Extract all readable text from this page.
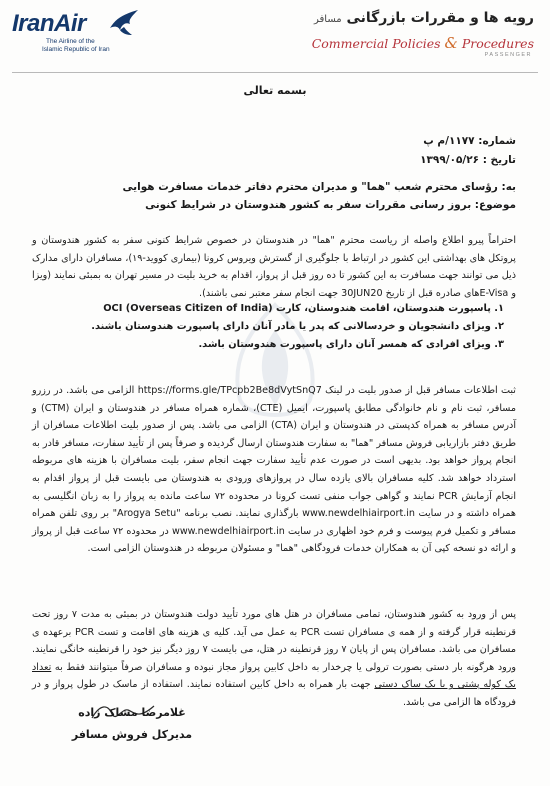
IranAir
The Airline of the
Islamic Republic of Iran
رویه ها و مقررات بازرگانی مسافر
Commercial Policies & Procedures
PASSENGER
بسمه تعالی
شماره: ۱۱۷۷/م پ
تاریخ : ۱۳۹۹/۰۵/۲۶
به: رؤسای محترم شعب "هما" و مدیران محترم دفاتر خدمات مسافرت هوایی
موضوع: بروز رسانی مقررات سفر به کشور هندوستان در شرایط کنونی
احتراماً پیرو اطلاع واصله از ریاست محترم "هما" در هندوستان در خصوص شرایط کنونی سفر به کشور هندوستان و پروتکل های بهداشتی این کشور در ارتباط با جلوگیری از گسترش ویروس کرونا (بیماری کووید-۱۹)، مسافران دارای مدارک ذیل می توانند جهت مسافرت به این کشور تا ده روز قبل از پرواز، اقدام به خرید بلیت در مسیر تهران به بمبئی نمایند (ویزا و E-Visaهای صادره قبل از تاریخ 30JUN20 جهت انجام سفر معتبر نمی باشند).
۱. پاسپورت هندوستان، اقامت هندوستان، کارت (OCI (Overseas Citizen of India
۲. ویزای دانشجویان و خردسالانی که پدر یا مادر آنان دارای پاسپورت هندوستان باشند.
۳. ویزای افرادی که همسر آنان دارای پاسپورت هندوستان باشد.
ثبت اطلاعات مسافر قبل از صدور بلیت در لینک https://forms.gle/TPcpb2Be8dVytSnQ7 الزامی می باشد. در رزرو مسافر، ثبت نام و نام خانوادگی مطابق پاسپورت، ایمیل (CTE)، شماره همراه مسافر در هندوستان و ایران (CTM) و آدرس مسافر به همراه کدپستی در هندوستان و ایران (CTA) الزامی می باشد. پس از صدور بلیت اطلاعات مسافران از طریق دفتر بازاریابی فروش مسافر "هما" به سفارت هندوستان ارسال گردیده و صرفاً پس از تأیید سفارت، مسافر قادر به انجام پرواز خواهد بود. بدیهی است در صورت عدم تأیید سفارت جهت انجام سفر، بلیت مسافران با هزینه های مربوطه استرداد خواهد شد. کلیه مسافران بالای یازده سال در پروازهای ورودی به هندوستان می بایست قبل از پرواز اقدام به انجام آزمایش PCR نمایند و گواهی جواب منفی تست کرونا در محدوده ۷۲ ساعت مانده به پرواز را به زبان انگلیسی به همراه داشته و در سایت www.newdelhiairport.in بارگذاری نمایند. نصب برنامه "Arogya Setu" بر روی تلفن همراه مسافر و تکمیل فرم پیوست و فرم خود اظهاری در سایت www.newdelhiairport.in در محدوده ۷۲ ساعت قبل از پرواز و ارائه دو نسخه کپی آن به همکاران خدمات فرودگاهی "هما" و مسئولان مربوطه در هندوستان الزامی است.
پس از ورود به کشور هندوستان، تمامی مسافران در هتل های مورد تأیید دولت هندوستان در بمبئی به مدت ۷ روز تحت قرنطینه قرار گرفته و از همه ی مسافران تست PCR به عمل می آید. کلیه ی هزینه های اقامت و تست PCR برعهده ی مسافران می باشد. مسافران پس از پایان ۷ روز قرنطینه در هتل، می بایست ۷ روز دیگر نیز خود را قرنطینه خانگی نمایند. ورود هرگونه بار دستی بصورت ترولی یا چرخدار به داخل کابین پرواز مجاز نبوده و مسافران صرفاً میتوانند فقط به تعداد یک کوله پشتی و یا یک ساک دستی جهت بار همراه به داخل کابین استفاده نمایند. استفاده از ماسک در طول پرواز و در فرودگاه ها الزامی می باشد.
غلامرضا مشاک زاده
مدیرکل فروش مسافر
